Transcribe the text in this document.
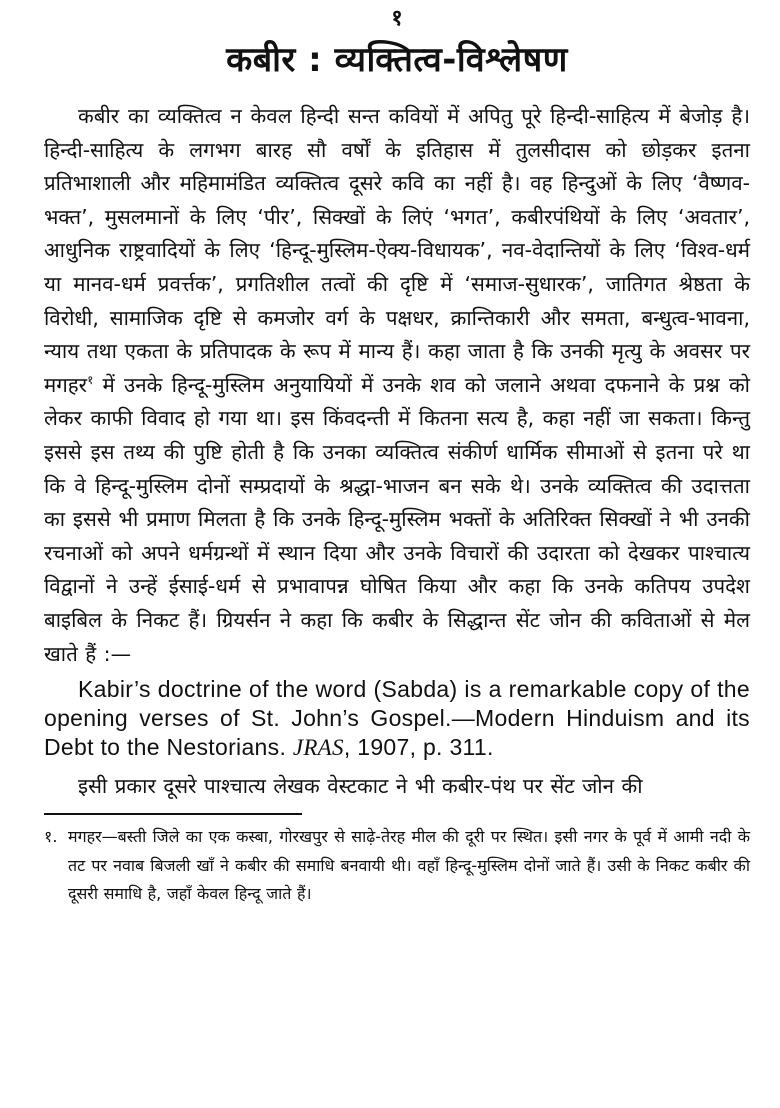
१
कबीर : व्यक्तित्व-विश्लेषण

कबीर का व्यक्तित्व न केवल हिन्दी सन्त कवियों में अपितु पूरे हिन्दी-साहित्य में बेजोड़ है। हिन्दी-साहित्य के लगभग बारह सौ वर्षों के इतिहास में तुलसीदास को छोड़कर इतना प्रतिभाशाली और महिमामंडित व्यक्तित्व दूसरे कवि का नहीं है। वह हिन्दुओं के लिए ‘वैष्णव-भक्त’, मुसलमानों के लिए ‘पीर’, सिक्खों के लिएं ‘भगत’, कबीरपंथियों के लिए ‘अवतार’, आधुनिक राष्ट्रवादियों के लिए ‘हिन्दू-मुस्लिम-ऐक्य-विधायक’, नव-वेदान्तियों के लिए ‘विश्व-धर्म या मानव-धर्म प्रवर्त्तक’, प्रगतिशील तत्वों की दृष्टि में ‘समाज-सुधारक’, जातिगत श्रेष्ठता के विरोधी, सामाजिक दृष्टि से कमजोर वर्ग के पक्षधर, क्रान्तिकारी और समता, बन्धुत्व-भावना, न्याय तथा एकता के प्रतिपादक के रूप में मान्य हैं। कहा जाता है कि उनकी मृत्यु के अवसर पर मगहर$^१$ में उनके हिन्दू-मुस्लिम अनुयायियों में उनके शव को जलाने अथवा दफनाने के प्रश्न को लेकर काफी विवाद हो गया था। इस किंवदन्ती में कितना सत्य है, कहा नहीं जा सकता। किन्तु इससे इस तथ्य की पुष्टि होती है कि उनका व्यक्तित्व संकीर्ण धार्मिक सीमाओं से इतना परे था कि वे हिन्दू-मुस्लिम दोनों सम्प्रदायों के श्रद्धा-भाजन बन सके थे। उनके व्यक्तित्व की उदात्तता का इससे भी प्रमाण मिलता है कि उनके हिन्दू-मुस्लिम भक्तों के अतिरिक्त सिक्खों ने भी उनकी रचनाओं को अपने धर्मग्रन्थों में स्थान दिया और उनके विचारों की उदारता को देखकर पाश्चात्य विद्वानों ने उन्हें ईसाई-धर्म से प्रभावापन्न घोषित किया और कहा कि उनके कतिपय उपदेश बाइबिल के निकट हैं। ग्रियर्सन ने कहा कि कबीर के सिद्धान्त सेंट जोन की कविताओं से मेल खाते हैं :—

Kabir’s doctrine of the word (Sabda) is a remarkable copy of the opening verses of St. John’s Gospel.—Modern Hinduism and its Debt to the Nestorians. JRAS, 1907, p. 311.

इसी प्रकार दूसरे पाश्चात्य लेखक वेस्टकाट ने भी कबीर-पंथ पर सेंट जोन की

१. मगहर—बस्ती जिले का एक कस्बा, गोरखपुर से साढ़े-तेरह मील की दूरी पर स्थित। इसी नगर के पूर्व में आमी नदी के तट पर नवाब बिजली खाँ ने कबीर की समाधि बनवायी थी। वहाँ हिन्दू-मुस्लिम दोनों जाते हैं। उसी के निकट कबीर की दूसरी समाधि है, जहाँ केवल हिन्दू जाते हैं।
